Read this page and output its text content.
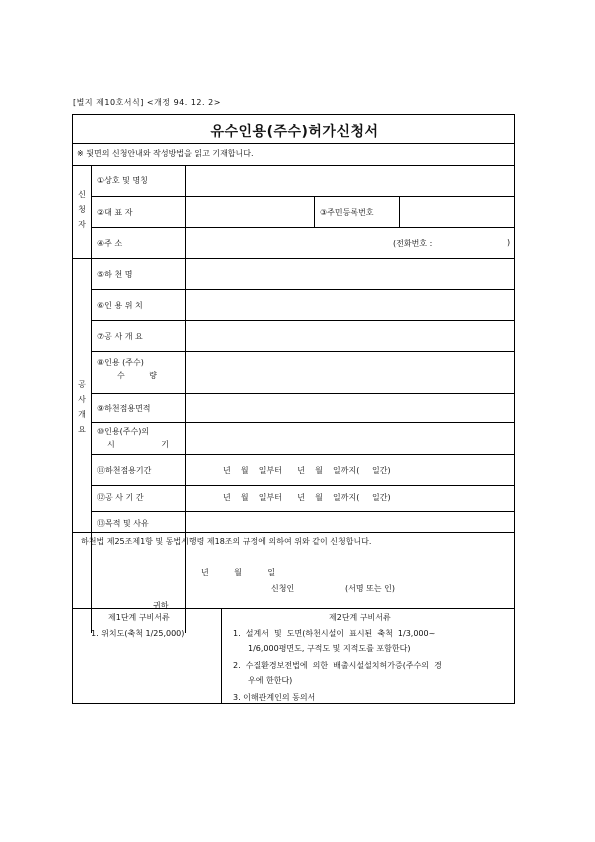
[별지 제10호서식] <개정 94. 12. 2>
유수인용(주수)허가신청서
※ 뒷면의 신청안내와 작성방법을 읽고 기재합니다.
신
청
자
①상호 및 명칭
②대 표 자	③주민등록번호
④주 소	(전화번호 :	)
공
사
개
요
⑤하 천 명
⑥인 용 위 치
⑦공 사 개 요
⑧인용 (주수)
수 량
⑨하천점용면적
⑩인용(주수)의
시 기
⑪하천점용기간	년    월    일부터      년    월    일까지(     일간)
⑫공 사 기 간	년    월    일부터      년    월    일까지(     일간)
⑬목적 및 사유
하천법 제25조제1항 및 동법시행령 제18조의 규정에 의하여 위와 같이 신청합니다.
년          월          일
신청인                    (서명 또는 인)
귀하
제1단계 구비서류
1. 위치도(축척 1/25,000)
제2단계 구비서류
1.  설계서  및  도면(하천시설이  표시된  축척  1/3,000~
1/6,000평면도, 구적도 및 지적도를 포함한다)
2.  수질환경보전법에  의한  배출시설설치허가증(주수의  경
우에 한한다)
3. 이해관계인의 동의서
